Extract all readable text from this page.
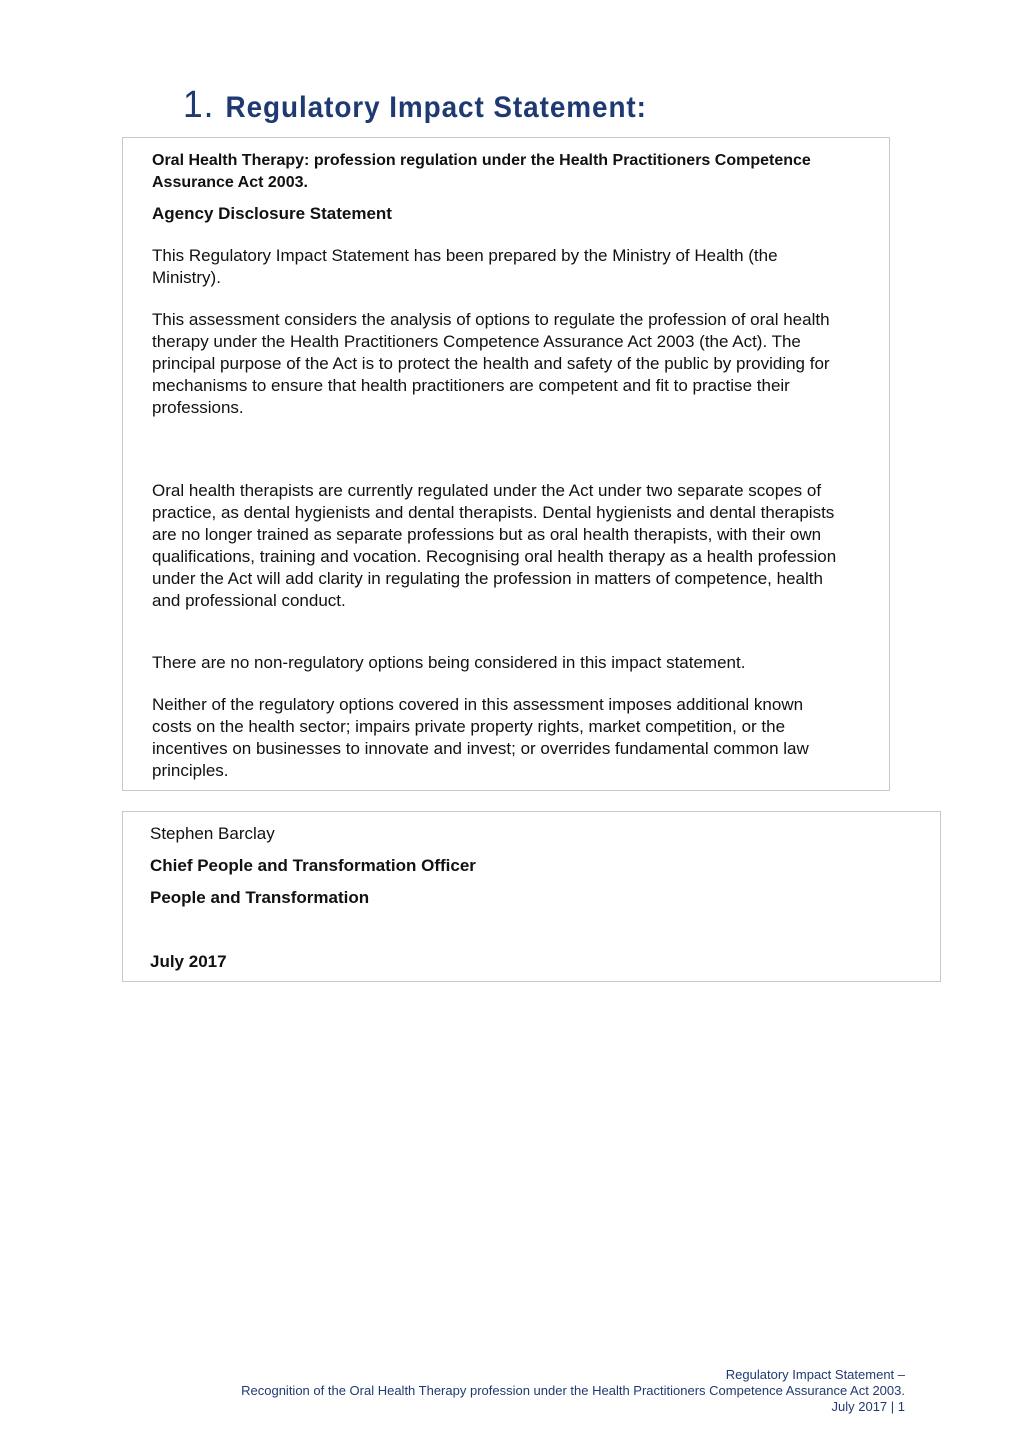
1. Regulatory Impact Statement:

Oral Health Therapy: profession regulation under the Health Practitioners Competence Assurance Act 2003.

Agency Disclosure Statement

This Regulatory Impact Statement has been prepared by the Ministry of Health (the Ministry).

This assessment considers the analysis of options to regulate the profession of oral health therapy under the Health Practitioners Competence Assurance Act 2003 (the Act). The principal purpose of the Act is to protect the health and safety of the public by providing for mechanisms to ensure that health practitioners are competent and fit to practise their professions.

Oral health therapists are currently regulated under the Act under two separate scopes of practice, as dental hygienists and dental therapists. Dental hygienists and dental therapists are no longer trained as separate professions but as oral health therapists, with their own qualifications, training and vocation. Recognising oral health therapy as a health profession under the Act will add clarity in regulating the profession in matters of competence, health and professional conduct.

There are no non-regulatory options being considered in this impact statement.

Neither of the regulatory options covered in this assessment imposes additional known costs on the health sector; impairs private property rights, market competition, or the incentives on businesses to innovate and invest; or overrides fundamental common law principles.

Stephen Barclay

Chief People and Transformation Officer

People and Transformation

July 2017

Regulatory Impact Statement –

Recognition of the Oral Health Therapy profession under the Health Practitioners Competence Assurance Act 2003.

July 2017 | 1
